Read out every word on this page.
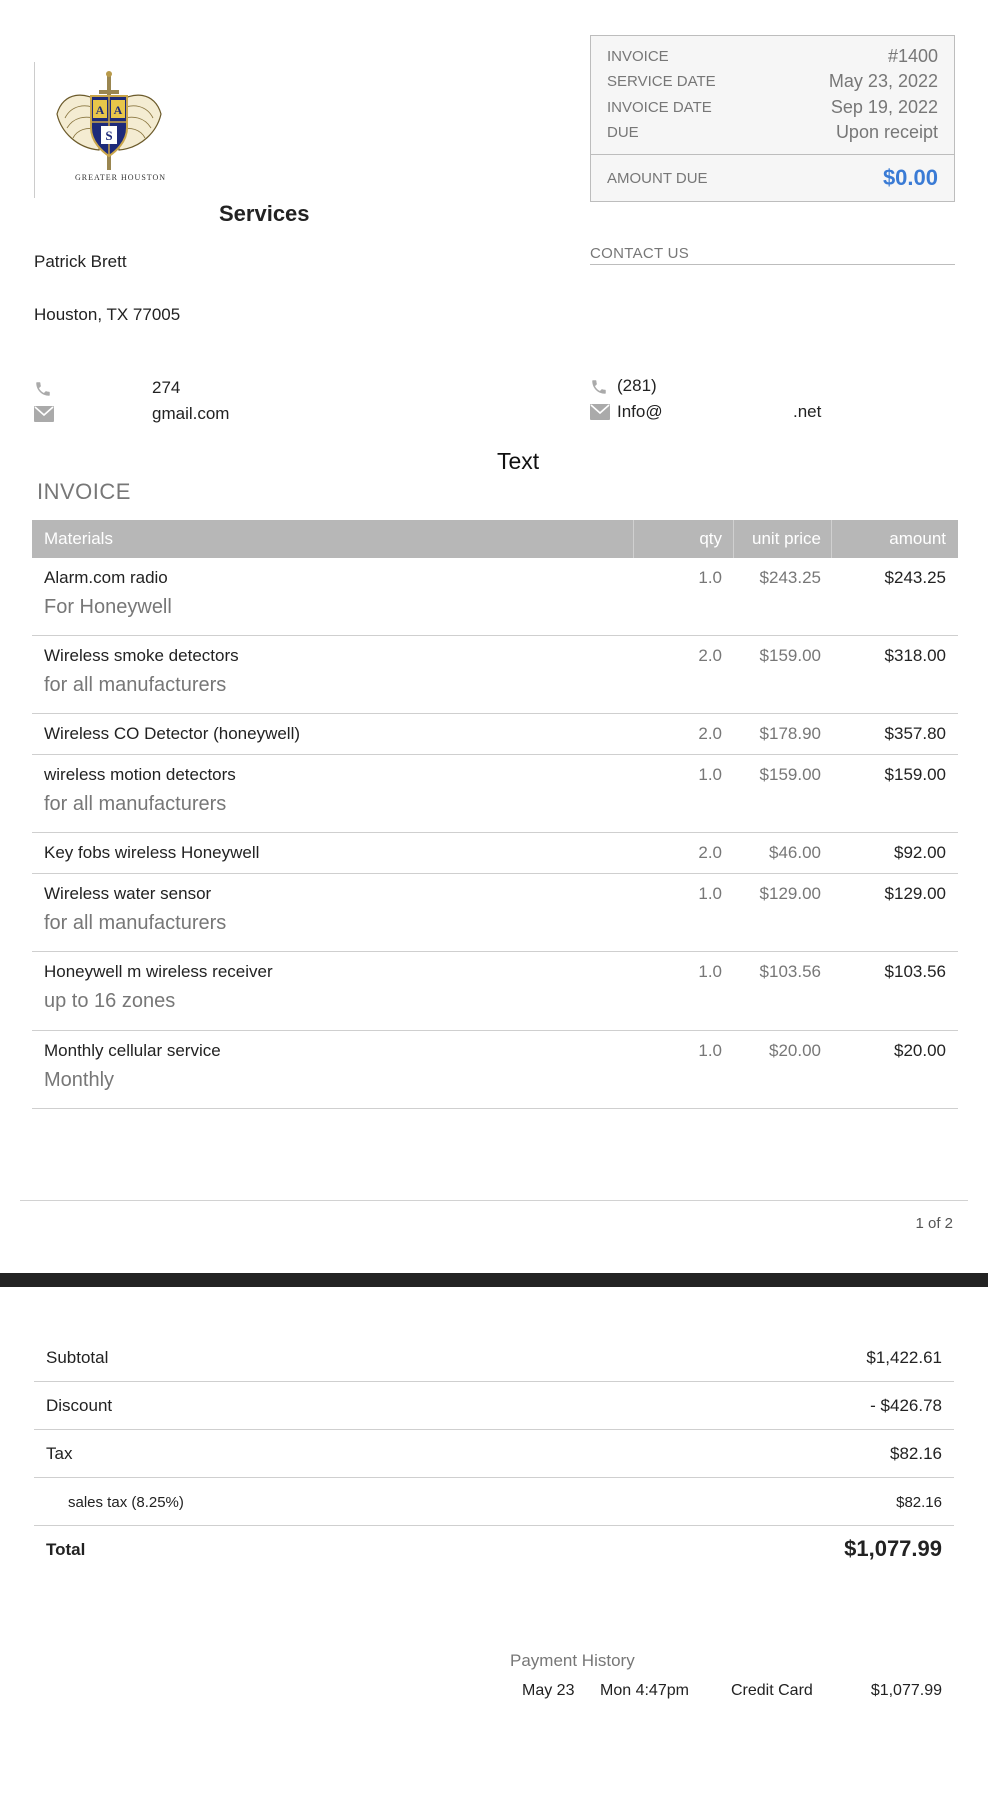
A A
S
GREATER HOUSTON
Services
Patrick Brett
Houston, TX 77005
274
gmail.com
INVOICE	#1400
SERVICE DATE	May 23, 2022
INVOICE DATE	Sep 19, 2022
DUE	Upon receipt
AMOUNT DUE	$0.00
CONTACT US
(281)
Info@	.net
Text
INVOICE
Materials	qty unit price	amount
Alarm.com radio
For Honeywell
1.0 $243.25	$243.25
Wireless smoke detectors
for all manufacturers
2.0 $159.00	$318.00
Wireless CO Detector (honeywell)	2.0 $178.90	$357.80
wireless motion detectors
for all manufacturers
1.0 $159.00	$159.00
Key fobs wireless Honeywell	2.0	$46.00	$92.00
Wireless water sensor
for all manufacturers
1.0 $129.00	$129.00
Honeywell m wireless receiver
up to 16 zones
1.0 $103.56	$103.56
Monthly cellular service
Monthly
1.0	$20.00	$20.00
1 of 2
Subtotal	$1,422.61
Discount	- $426.78
Tax	$82.16
sales tax (8.25%)	$82.16
Total	$1,077.99
Payment History
May 23 Mon 4:47pm	Credit Card	$1,077.99
